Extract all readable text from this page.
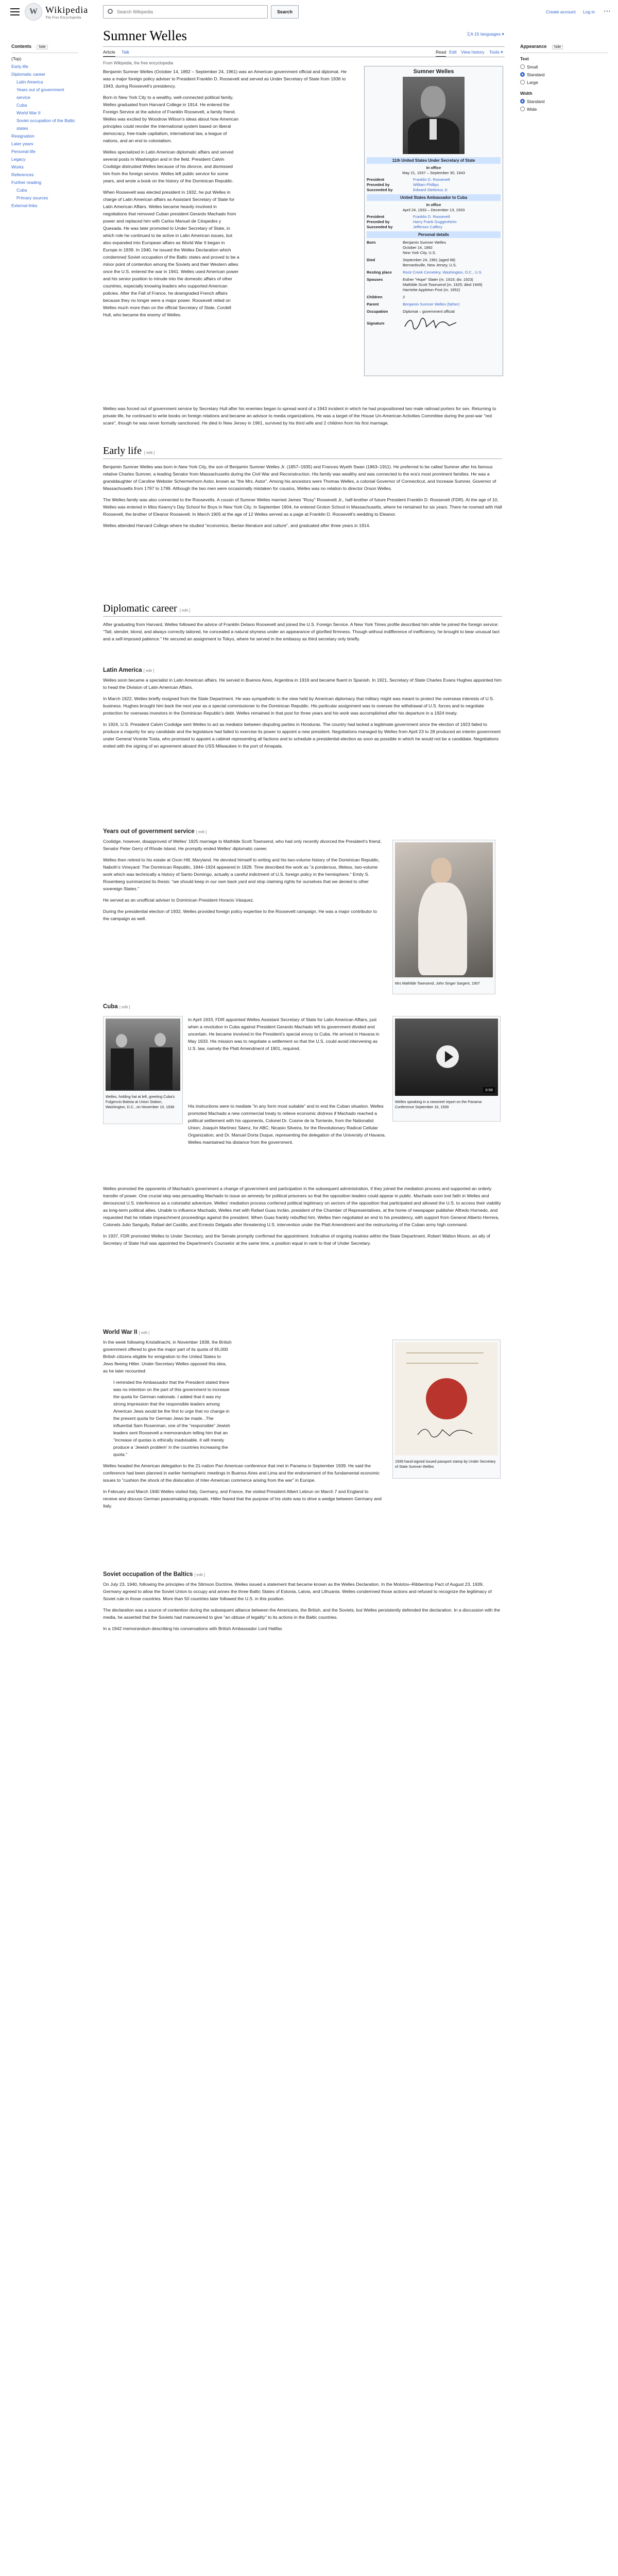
W Wikipedia
The Free Encyclopedia
Search Wikipedia
Search	Create account Log in ⋯
Contents hide
(Top)
Early life
Diplomatic career
Latin America
Years out of government service
Cuba
World War II
Soviet occupation of the Baltic states
Resignation
Later years
Personal life
Legacy
Works
References
Further reading
Cuba
Primary sources
External links
Sumner Welles	文A 15 languages ▾
Article Talk	Read Edit View history Tools ▾
From Wikipedia, the free encyclopedia
Appearance hide
Text
Small
Standard
Large
Width
Standard
Wide

Benjamin Sumner Welles (October 14, 1892 – September 24, 1961) was an American government official and diplomat. He was a major foreign policy adviser to President Franklin D. Roosevelt and served as Under Secretary of State from 1936 to 1943, during Roosevelt's presidency.

Born in New York City to a wealthy, well-connected political family, Welles graduated from Harvard College in 1914. He entered the Foreign Service at the advice of Franklin Roosevelt, a family friend. Welles was excited by Woodrow Wilson's ideas about how American principles could reorder the international system based on liberal democracy, free-trade capitalism, international law, a league of nations, and an end to colonialism.

Welles specialized in Latin American diplomatic affairs and served several posts in Washington and in the field. President Calvin Coolidge distrusted Welles because of his divorce, and dismissed him from the foreign service. Welles left public service for some years, and wrote a book on the history of the Dominican Republic.

When Roosevelt was elected president in 1932, he put Welles in charge of Latin American affairs as Assistant Secretary of State for Latin American Affairs. Welles became heavily involved in negotiations that removed Cuban president Gerardo Machado from power and replaced him with Carlos Manuel de Céspedes y Quesada. He was later promoted to Under Secretary of State, in which role he continued to be active in Latin American issues, but also expanded into European affairs as World War II began in Europe in 1939. In 1940, he issued the Welles Declaration which condemned Soviet occupation of the Baltic states and proved to be a minor point of contention among the Soviets and their Western allies once the U.S. entered the war in 1941. Welles used American power and his senior position to intrude into the domestic affairs of other countries, especially knowing leaders who supported American policies. After the Fall of France, he downgraded French affairs because they no longer were a major power. Roosevelt relied on Welles much more than on the official Secretary of State, Cordell Hull, who became the enemy of Welles.

Welles was forced out of government service by Secretary Hull after his enemies began to spread word of a 1943 incident in which he had propositioned two male railroad porters for sex. Returning to private life, he continued to write books on foreign relations and became an advisor to media organizations. He was a target of the House Un-American Activities Committee during the post-war "red scare", though he was never formally sanctioned. He died in New Jersey in 1961, survived by his third wife and 2 children from his first marriage.

Sumner Welles
11th United States Under Secretary of State
In office
May 21, 1937 – September 30, 1943
President	Franklin D. Roosevelt
Preceded by	William Phillips
Succeeded by	Edward Stettinius Jr.
United States Ambassador to Cuba
In office
April 24, 1933 – December 13, 1933
President	Franklin D. Roosevelt
Preceded by	Harry Frank Guggenheim
Succeeded by	Jefferson Caffery
Personal details
Born	Benjamin Sumner Welles
October 14, 1892
New York City, U.S.
Died	September 24, 1961 (aged 68)
Bernardsville, New Jersey, U.S.
Resting place	Rock Creek Cemetery, Washington, D.C., U.S.
Spouses	Esther "Hope" Slater (m. 1915; div. 1923)
Mathilde Scott Townsend (m. 1925; died 1949)
Harriette Appleton Post (m. 1952)
Children	2
Parent	Benjamin Sumner Welles (father)
Occupation	Diplomat – government official
Signature
Early life [ edit ]

Benjamin Sumner Welles was born in New York City, the son of Benjamin Sumner Welles Jr. (1857–1935) and Frances Wyeth Swan (1863–1911). He preferred to be called Sumner after his famous relative Charles Sumner, a leading Senator from Massachusetts during the Civil War and Reconstruction. His family was wealthy and was connected to the era's most prominent families. He was a granddaughter of Caroline Webster Schermerhorn Astor, known as "the Mrs. Astor". Among his ancestors were Thomas Welles, a colonial Governor of Connecticut, and Increase Sumner, Governor of Massachusetts from 1797 to 1799. Although the two men were occasionally mistaken for cousins, Welles was no relation to director Orson Welles.

The Welles family was also connected to the Roosevelts. A cousin of Sumner Welles married James "Rosy" Roosevelt Jr., half-brother of future President Franklin D. Roosevelt (FDR). At the age of 10, Welles was entered in Miss Kearny's Day School for Boys in New York City. In September 1904, he entered Groton School in Massachusetts, where he remained for six years. There he roomed with Hall Roosevelt, the brother of Eleanor Roosevelt. In March 1905 at the age of 12 Welles served as a page at Franklin D. Roosevelt's wedding to Eleanor.

Welles attended Harvard College where he studied "economics, Iberian literature and culture", and graduated after three years in 1914.

Diplomatic career [ edit ]

After graduating from Harvard, Welles followed the advice of Franklin Delano Roosevelt and joined the U.S. Foreign Service. A New York Times profile described him while he joined the foreign service: "Tall, slender, blond, and always correctly tailored, he concealed a natural shyness under an appearance of glorified firmness. Though without indifference of inefficiency, he brought to bear unusual tact and a self-imposed patience." He secured an assignment to Tokyo, where he served in the embassy as third secretary only briefly.

Latin America [ edit ]

Welles soon became a specialist in Latin American affairs. He served in Buenos Aires, Argentina in 1919 and became fluent in Spanish. In 1921, Secretary of State Charles Evans Hughes appointed him to head the Division of Latin American Affairs.

In March 1922, Welles briefly resigned from the State Department. He was sympathetic to the view held by American diplomacy that military might was meant to protect the overseas interests of U.S. business. Hughes brought him back the next year as a special commissioner to the Dominican Republic. His particular assignment was to oversee the withdrawal of U.S. forces and to negotiate protection for overseas investors in the Dominican Republic's debt. Welles remained in that post for three years and his work was accomplished after his departure in a 1924 treaty.

In 1924, U.S. President Calvin Coolidge sent Welles to act as mediator between disputing parties in Honduras. The country had lacked a legitimate government since the election of 1923 failed to produce a majority for any candidate and the legislature had failed to exercise its power to appoint a new president. Negotiations managed by Welles from April 23 to 28 produced an interim government under General Vicente Tosta, who promised to appoint a cabinet representing all factions and to schedule a presidential election as soon as possible in which he would not be a candidate. Negotiations ended with the signing of an agreement aboard the USS Milwaukee in the port of Amapala.

Years out of government service [ edit ]

Coolidge, however, disapproved of Welles' 1925 marriage to Mathilde Scott Townsend, who had only recently divorced the President's friend, Senator Peter Gerry of Rhode Island. He promptly ended Welles' diplomatic career.

Welles then retired to his estate at Oxon Hill, Maryland. He devoted himself to writing and his two-volume history of the Dominican Republic, Naboth's Vineyard: The Dominican Republic, 1844–1924 appeared in 1928. Time described the work as "a ponderous, lifeless, two-volume work which was technically a history of Santo Domingo, actually a careful indictment of U.S. foreign policy in the hemisphere." Emily S. Rosenberg summarized its thesis: "we should keep in our own back yard and stop claiming rights for ourselves that we denied to other sovereign States."

He served as an unofficial adviser to Dominican President Horacio Vásquez.

During the presidential election of 1932, Welles provided foreign policy expertise to the Roosevelt campaign. He was a major contributor to the campaign as well.

Mrs Mathilde Townsend, John Singer Sargent, 1907
Cuba [ edit ]
Welles, holding hat at left, greeting Cuba's Fulgencio Batista at Union Station, Washington, D.C., on November 10, 1938

In April 1933, FDR appointed Welles Assistant Secretary of State for Latin American Affairs, just when a revolution in Cuba against President Gerardo Machado left its government divided and uncertain. He became involved in the President's special envoy to Cuba. He arrived in Havana in May 1933. His mission was to negotiate a settlement so that the U.S. could avoid intervening as U.S. law, namely the Platt Amendment of 1901, required.

0:56
Welles speaking in a newsreel report on the Panama Conference September 16, 1939

His instructions were to mediate "in any form most suitable" and to end the Cuban situation. Welles promoted Machado a new commercial treaty to relieve economic distress if Machado reached a political settlement with his opponents, Colonel Dr. Cosme de la Torriente, from the Nationalist Union; Joaquín Martínez Sáenz, for ABC; Nicasio Silveira, for the Revolutionary Radical Cellular Organization; and Dr. Manuel Dorta Duque, representing the delegation of the University of Havana. Welles maintained his distance from the government.

Welles promoted the opponents of Machado's government a change of government and participation in the subsequent administration, if they joined the mediation process and supported an orderly transfer of power. One crucial step was persuading Machado to issue an amnesty for political prisoners so that the opposition leaders could appear in public. Machado soon lost faith in Welles and denounced U.S. interference as a colonialist adventure. Welles' mediation process conferred political legitimacy on sectors of the opposition that participated and allowed the U.S. to access their viability as long-term political allies. Unable to influence Machado, Welles met with Rafael Guas Inclán, president of the Chamber of Representatives, at the home of newspaper publisher Alfredo Hornedo, and requested that he initiate impeachment proceedings against the president. When Guas frankly rebuffed him, Welles then negotiated an end to his presidency, with support from General Alberto Herrera, Colonels Julio Sanguily, Rafael del Castillo, and Ernesto Delgado after threatening U.S. intervention under the Platt Amendment and the restructuring of the Cuban army high command.

In 1937, FDR promoted Welles to Under Secretary, and the Senate promptly confirmed the appointment. Indicative of ongoing rivalries within the State Department, Robert Walton Moore, an ally of Secretary of State Hull was appointed the Department's Counselor at the same time, a position equal in rank to that of Under Secretary.

World War II [ edit ]

In the week following Kristallnacht, in November 1938, the British government offered to give the major part of its quota of 65,000 British citizens eligible for emigration to the United States to Jews fleeing Hitler. Under-Secretary Welles opposed this idea, as he later recounted:

I reminded the Ambassador that the President stated there was no intention on the part of this government to increase the quota for German nationals. I added that it was my strong impression that the responsible leaders among American Jews would be the first to urge that no change in the present quota for German Jews be made...The influential Sam Rosenman, one of the "responsible" Jewish leaders sent Roosevelt a memorandum telling him that an "increase of quotas is ethically inadvisable. It will merely produce a 'Jewish problem' in the countries increasing the quota."

Welles headed the American delegation to the 21-nation Pan American conference that met in Panama in September 1939. He said the conference had been planned in earlier hemispheric meetings in Buenos Aires and Lima and the endorsement of the fundamental economic issues to "cushion the shock of the dislocation of Inter-American commerce arising from the war" in Europe.

In February and March 1940 Welles visited Italy, Germany, and France, the visited President Albert Lebrun on March 7 and England to receive and discuss German peacemaking proposals. Hitler feared that the purpose of his visits was to drive a wedge between Germany and Italy.

1939 hand-signed issued passport stamp by Under Secretary of State Sumner Welles
Soviet occupation of the Baltics [ edit ]

On July 23, 1940, following the principles of the Stimson Doctrine, Welles issued a statement that became known as the Welles Declaration. In the Molotov–Ribbentrop Pact of August 23, 1939, Germany agreed to allow the Soviet Union to occupy and annex the three Baltic States of Estonia, Latvia, and Lithuania. Welles condemned those actions and refused to recognize the legitimacy of Soviet rule in those countries. More than 50 countries later followed the U.S. in this position.

The declaration was a source of contention during the subsequent alliance between the Americans, the British, and the Soviets, but Welles persistently defended the declaration. In a discussion with the media, he asserted that the Soviets had maneuvered to give "an obtuse of legality" to its actions in the Baltic countries.

In a 1942 memorandum describing his conversations with British Ambassador Lord Halifax
